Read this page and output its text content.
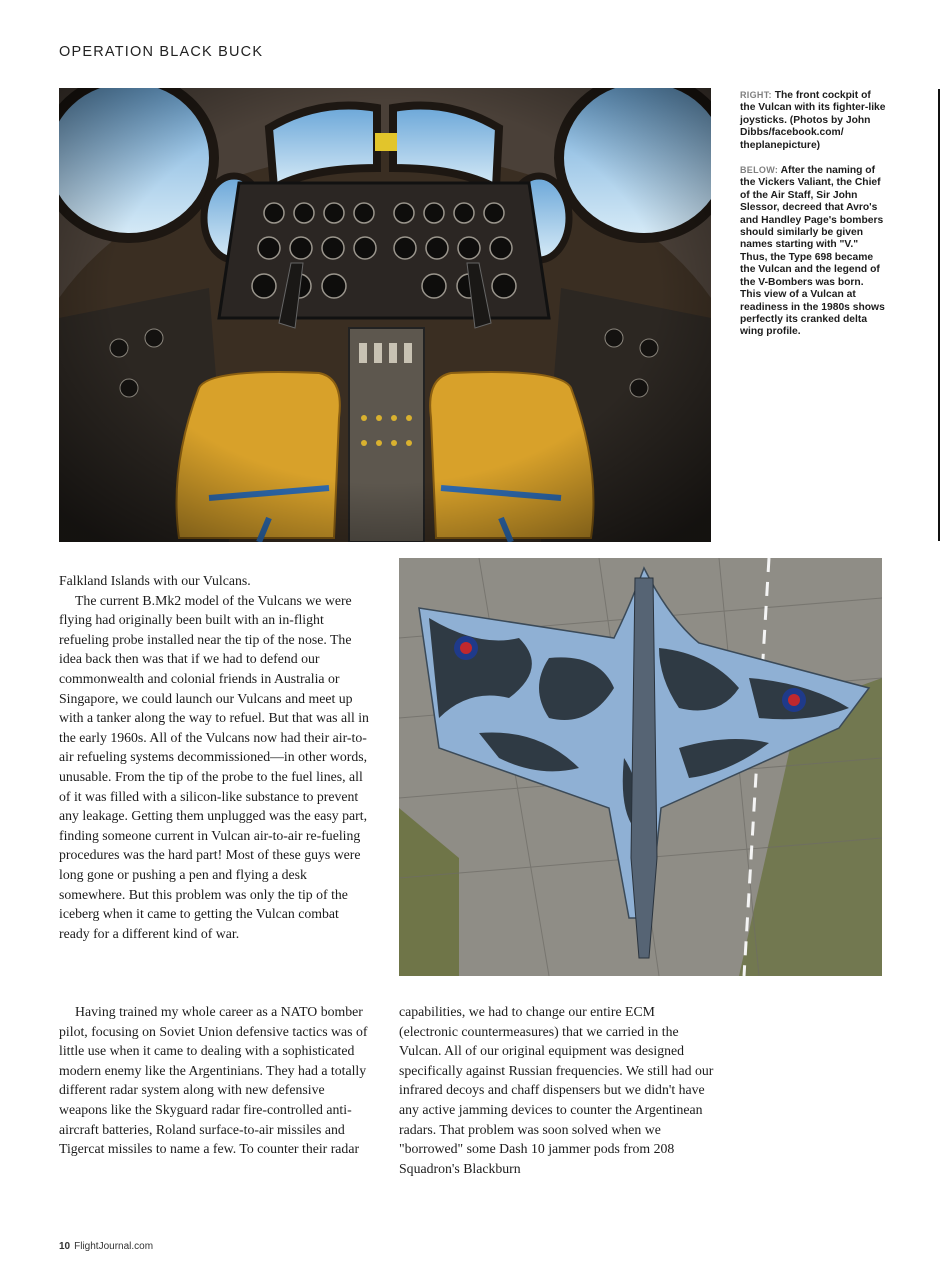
OPERATION BLACK BUCK

RIGHT: The front cockpit of the Vulcan with its fighter-like joysticks. (Photos by John Dibbs/facebook.com/ theplanepicture)

BELOW: After the naming of the Vickers Valiant, the Chief of the Air Staff, Sir John Slessor, decreed that Avro's and Handley Page's bombers should similarly be given names starting with "V." Thus, the Type 698 became the Vulcan and the legend of the V-Bombers was born. This view of a Vulcan at readiness in the 1980s shows perfectly its cranked delta wing profile.

Falkland Islands with our Vulcans.

The current B.Mk2 model of the Vulcans we were flying had originally been built with an in-flight refueling probe installed near the tip of the nose. The idea back then was that if we had to defend our commonwealth and colonial friends in Australia or Singapore, we could launch our Vulcans and meet up with a tanker along the way to refuel. But that was all in the early 1960s. All of the Vulcans now had their air-to-air refueling systems decommissioned—in other words, unusable. From the tip of the probe to the fuel lines, all of it was filled with a silicon-like substance to prevent any leakage. Getting them unplugged was the easy part, finding someone current in Vulcan air-to-air re-fueling procedures was the hard part! Most of these guys were long gone or pushing a pen and flying a desk somewhere. But this problem was only the tip of the iceberg when it came to getting the Vulcan combat ready for a different kind of war.

Having trained my whole career as a NATO bomber pilot, focusing on Soviet Union defensive tactics was of little use when it came to dealing with a sophisticated modern enemy like the Argentinians. They had a totally different radar system along with new defensive weapons like the Skyguard radar fire-controlled anti-aircraft batteries, Roland surface-to-air missiles and Tigercat missiles to name a few. To counter their radar

capabilities, we had to change our entire ECM (electronic countermeasures) that we carried in the Vulcan. All of our original equipment was designed specifically against Russian frequencies. We still had our infrared decoys and chaff dispensers but we didn't have any active jamming devices to counter the Argentinean radars. That problem was soon solved when we "borrowed" some Dash 10 jammer pods from 208 Squadron's Blackburn

10 FlightJournal.com
